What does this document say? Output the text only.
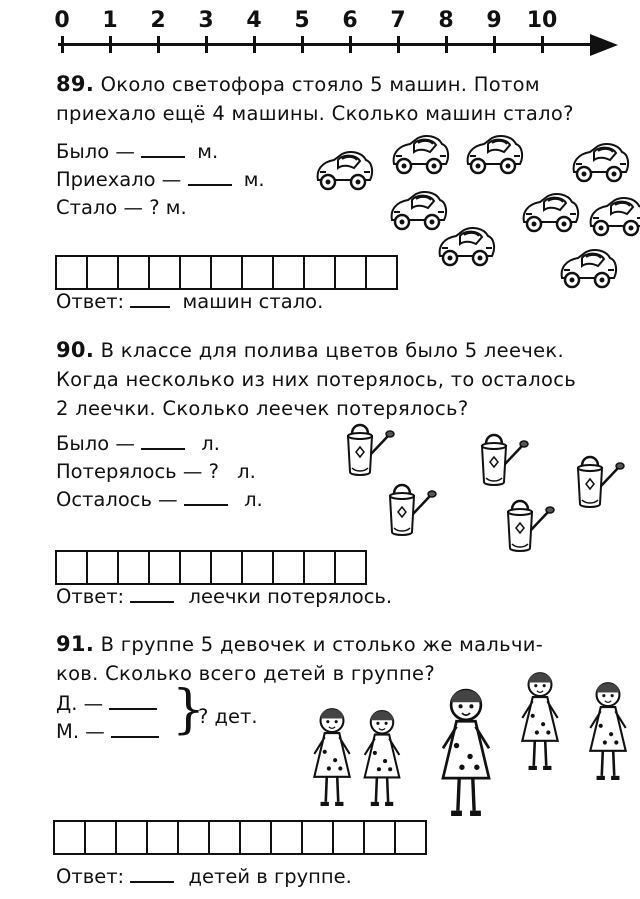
0 1 2 3 4 5 6 7 8 9 10
89. Около светофора стояло 5 машин. Потом
приехало ещё 4 машины. Сколько машин стало?
Было —	м.
Приехало —	м.
Стало — ? м.
Ответ:	машин стало.
90. В классе для полива цветов было 5 леечек.
Когда несколько из них потерялось, то осталось
2 леечки. Сколько леечек потерялось?
Было —	л.
Потерялось — ? л.
Осталось —	л.
Ответ:	леечки потерялось.
91. В группе 5 девочек и столько же мальчи-
ков. Сколько всего детей в группе?
Д. —
М. —	}
? дет.
Ответ:	детей в группе.
